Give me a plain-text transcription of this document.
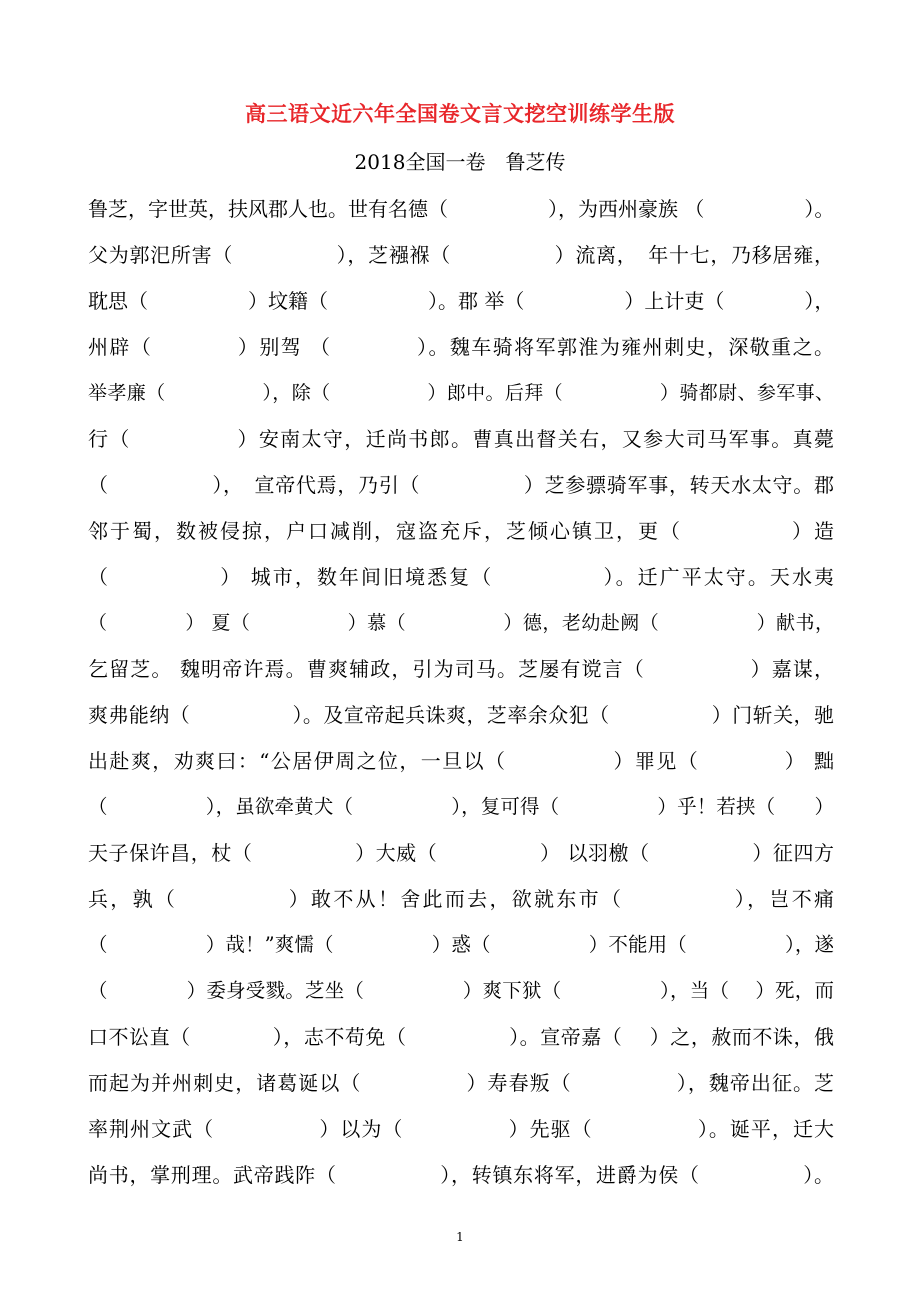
高三语文近六年全国卷文言文挖空训练学生版
2018全国一卷　鲁芝传
鲁芝，字世英，扶风郡人也。世有名德（　　　　　），为西州豪族 （　　　　　）。
父为郭汜所害（　　　　　），芝襁褓（　　　　　）流离，　年十七，乃移居雍，
耽思（　　　　　）坟籍（　　　　　）。郡 举（　　　　　）上计吏（　　　　），
州辟（　　　　）别驾 （　　　　）。魏车骑将军郭淮为雍州刺史，深敬重之。
举孝廉（　　　　　），除（　　　　　）郎中。后拜（　　　　　）骑都尉、参军事、
行（　　　　　）安南太守，迁尚书郎。曹真出督关右，又参大司马军事。真薨
（　　　　　），　宣帝代焉，乃引（　　　　　）芝参骠骑军事，转天水太守。郡
邻于蜀，数被侵掠，户口减削，寇盗充斥，芝倾心镇卫，更（　　　　　）造
（　　　　　） 城市，数年间旧境悉复（　　　　　）。迁广平太守。天水夷
（　　　　） 夏（　　　　　）慕（　　　　　）德，老幼赴阙（　　　　　）献书，
乞留芝。 魏明帝许焉。曹爽辅政，引为司马。芝屡有谠言（　　　　　）嘉谋，
爽弗能纳（　　　　　）。及宣帝起兵诛爽，芝率余众犯（　　　　　）门斩关，驰
出赴爽，劝爽曰：“公居伊周之位，一旦以（　　　　　）罪见（　　　　） 黜
（　　　　　），虽欲牵黄犬（　　　　　），复可得（　　　　　）乎！若挟（　　）
天子保许昌，杖（　　　　　）大威（　　　　　） 以羽檄（　　　　　）征四方
兵，孰（　　　　　）敢不从！舍此而去，欲就东市（　　　　　），岂不痛
（　　　　　）哉！”爽懦（　　　　　）惑（　　　　　）不能用（　　　　　），遂
（　　　　）委身受戮。芝坐（　　　　　）爽下狱（　　　　　），当（　 ）死，而
口不讼直（　　　　），志不苟免（　　　　　）。宣帝嘉（　 ）之，赦而不诛，俄
而起为并州刺史，诸葛诞以（　　　　　）寿春叛（　　　　　），魏帝出征。芝
率荆州文武（　　　　　）以为（　　　　　）先驱（　　　　　）。诞平，迁大
尚书，掌刑理。武帝践阼（　　　　　），转镇东将军，进爵为侯（　　　　　）。
1
